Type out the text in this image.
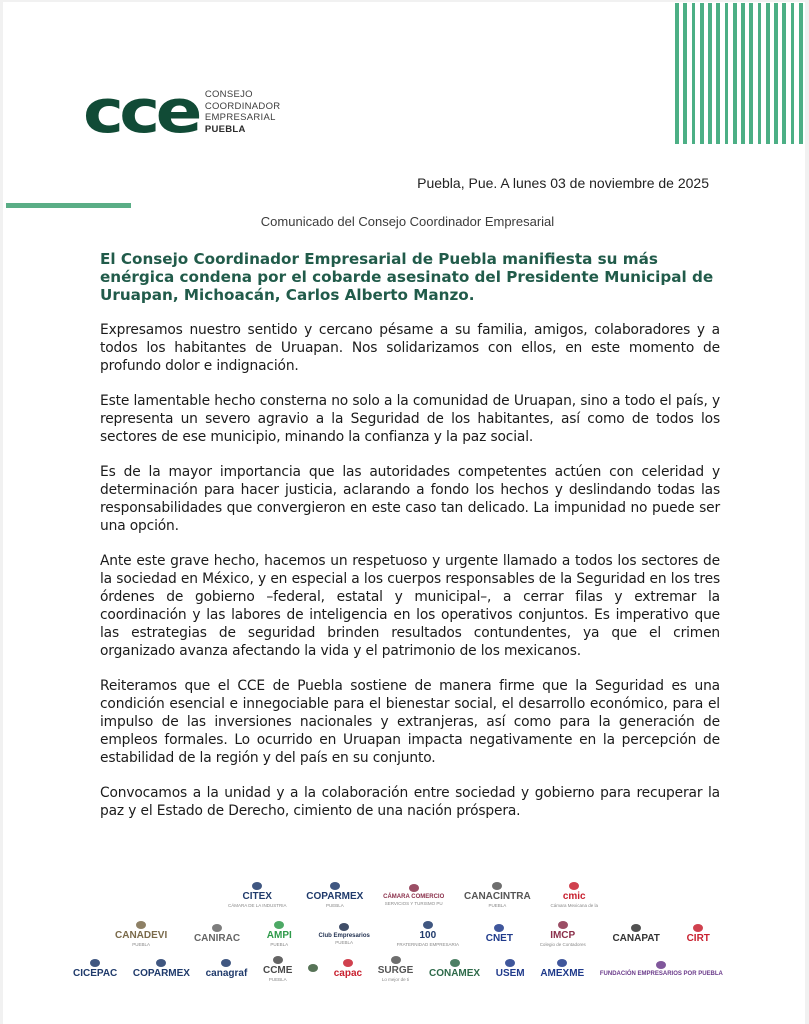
cce CONSEJO
COORDINADOR
EMPRESARIAL
PUEBLA
Puebla, Pue. A lunes 03 de noviembre de 2025
Comunicado del Consejo Coordinador Empresarial
El Consejo Coordinador Empresarial de Puebla manifiesta su más enérgica condena por el cobarde asesinato del Presidente Municipal de Uruapan, Michoacán, Carlos Alberto Manzo.

Expresamos nuestro sentido y cercano pésame a su familia, amigos, colaboradores y a todos los habitantes de Uruapan. Nos solidarizamos con ellos, en este momento de profundo dolor e indignación.

Este lamentable hecho consterna no solo a la comunidad de Uruapan, sino a todo el país, y representa un severo agravio a la Seguridad de los habitantes, así como de todos los sectores de ese municipio, minando la confianza y la paz social.

Es de la mayor importancia que las autoridades competentes actúen con celeridad y determinación para hacer justicia, aclarando a fondo los hechos y deslindando todas las responsabilidades que convergieron en este caso tan delicado. La impunidad no puede ser una opción.

Ante este grave hecho, hacemos un respetuoso y urgente llamado a todos los sectores de la sociedad en México, y en especial a los cuerpos responsables de la Seguridad en los tres órdenes de gobierno –federal, estatal y municipal–, a cerrar filas y extremar la coordinación y las labores de inteligencia en los operativos conjuntos. Es imperativo que las estrategias de seguridad brinden resultados contundentes, ya que el crimen organizado avanza afectando la vida y el patrimonio de los mexicanos.

Reiteramos que el CCE de Puebla sostiene de manera firme que la Seguridad es una condición esencial e innegociable para el bienestar social, el desarrollo económico, para el impulso de las inversiones nacionales y extranjeras, así como para la generación de empleos formales. Lo ocurrido en Uruapan impacta negativamente en la percepción de estabilidad de la región y del país en su conjunto.

Convocamos a la unidad y a la colaboración entre sociedad y gobierno para recuperar la paz y el Estado de Derecho, cimiento de una nación próspera.

CITEX
CÁMARA DE LA INDUSTRIA
COPARMEX
PUEBLA
CÁMARA COMERCIO
SERVICIOS Y TURISMO PU
CANACINTRA
PUEBLA
cmic
Cámara Mexicana de la
CANADEVI
PUEBLA
CANIRAC	AMPI
PUEBLA
Club Empresarios
PUEBLA
100
FRATERNIDAD EMPRESARIA
CNET	IMCP
Colegio de Contadores
CANAPAT	CIRT
CICEPAC COPARMEX canagraf CCME
PUEBLA
capac SURGE
Lo mejor de ti
CONAMEX USEM AMEXME	FUNDACIÓN EMPRESARIOS POR PUEBLA
